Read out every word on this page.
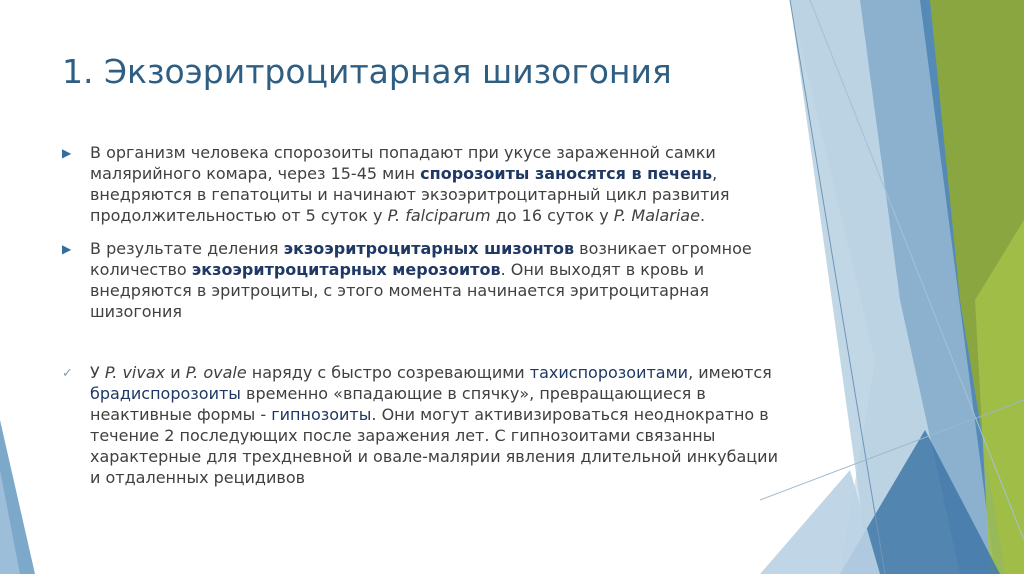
1. Экзоэритроцитарная шизогония
▶	В организм человека спорозоиты попадают при укусе зараженной самки малярийного комара, через 15-45 мин спорозоиты заносятся в печень, внедряются в гепатоциты и начинают экзоэритроцитарный цикл развития продолжительностью от 5 суток у P. falciparum до 16 суток у P. Malariae.
▶	В результате деления экзоэритроцитарных шизонтов возникает огромное количество экзоэритроцитарных мерозоитов. Они выходят в кровь и внедряются в эритроциты, с этого момента начинается эритроцитарная шизогония
✓	У P. vivax и P. ovale наряду с быстро созревающими тахиспорозоитами, имеются брадиспорозоиты временно «впадающие в спячку», превращающиеся в неактивные формы - гипнозоиты. Они могут активизироваться неоднократно в течение 2 последующих после заражения лет. С гипнозоитами связанны характерные для трехдневной и овале-малярии явления длительной инкубации и отдаленных рецидивов
